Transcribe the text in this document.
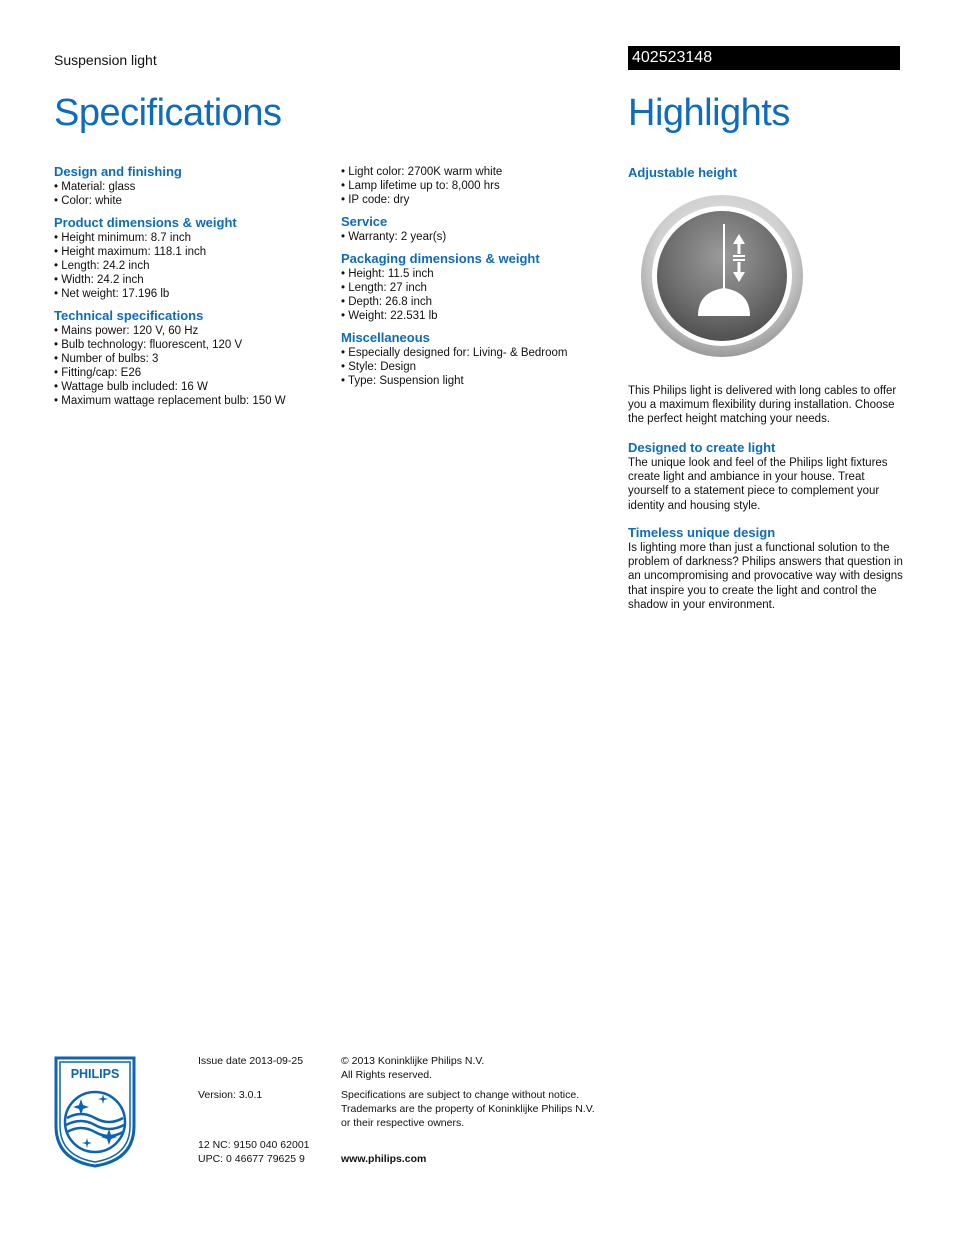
Suspension light	402523148
Specifications	Highlights
Design and finishing
• Material: glass
• Color: white
Product dimensions & weight
• Height minimum: 8.7 inch
• Height maximum: 118.1 inch
• Length: 24.2 inch
• Width: 24.2 inch
• Net weight: 17.196 lb
Technical specifications
• Mains power: 120 V, 60 Hz
• Bulb technology: fluorescent, 120 V
• Number of bulbs: 3
• Fitting/cap: E26
• Wattage bulb included: 16 W
• Maximum wattage replacement bulb: 150 W
• Light color: 2700K warm white
• Lamp lifetime up to: 8,000 hrs
• IP code: dry
Service
• Warranty: 2 year(s)
Packaging dimensions & weight
• Height: 11.5 inch
• Length: 27 inch
• Depth: 26.8 inch
• Weight: 22.531 lb
Miscellaneous
• Especially designed for: Living- & Bedroom
• Style: Design
• Type: Suspension light
Adjustable height

This Philips light is delivered with long cables to offer you a maximum flexibility during installation. Choose the perfect height matching your needs.

Designed to create light

The unique look and feel of the Philips light fixtures create light and ambiance in your house. Treat yourself to a statement piece to complement your identity and housing style.

Timeless unique design

Is lighting more than just a functional solution to the problem of darkness? Philips answers that question in an uncompromising and provocative way with designs that inspire you to create the light and control the shadow in your environment.

PHILIPS
Issue date 2013-09-25
Version: 3.0.1
12 NC: 9150 040 62001
UPC: 0 46677 79625 9
© 2013 Koninklijke Philips N.V.
All Rights reserved.
Specifications are subject to change without notice.
Trademarks are the property of Koninklijke Philips N.V.
or their respective owners.
www.philips.com
